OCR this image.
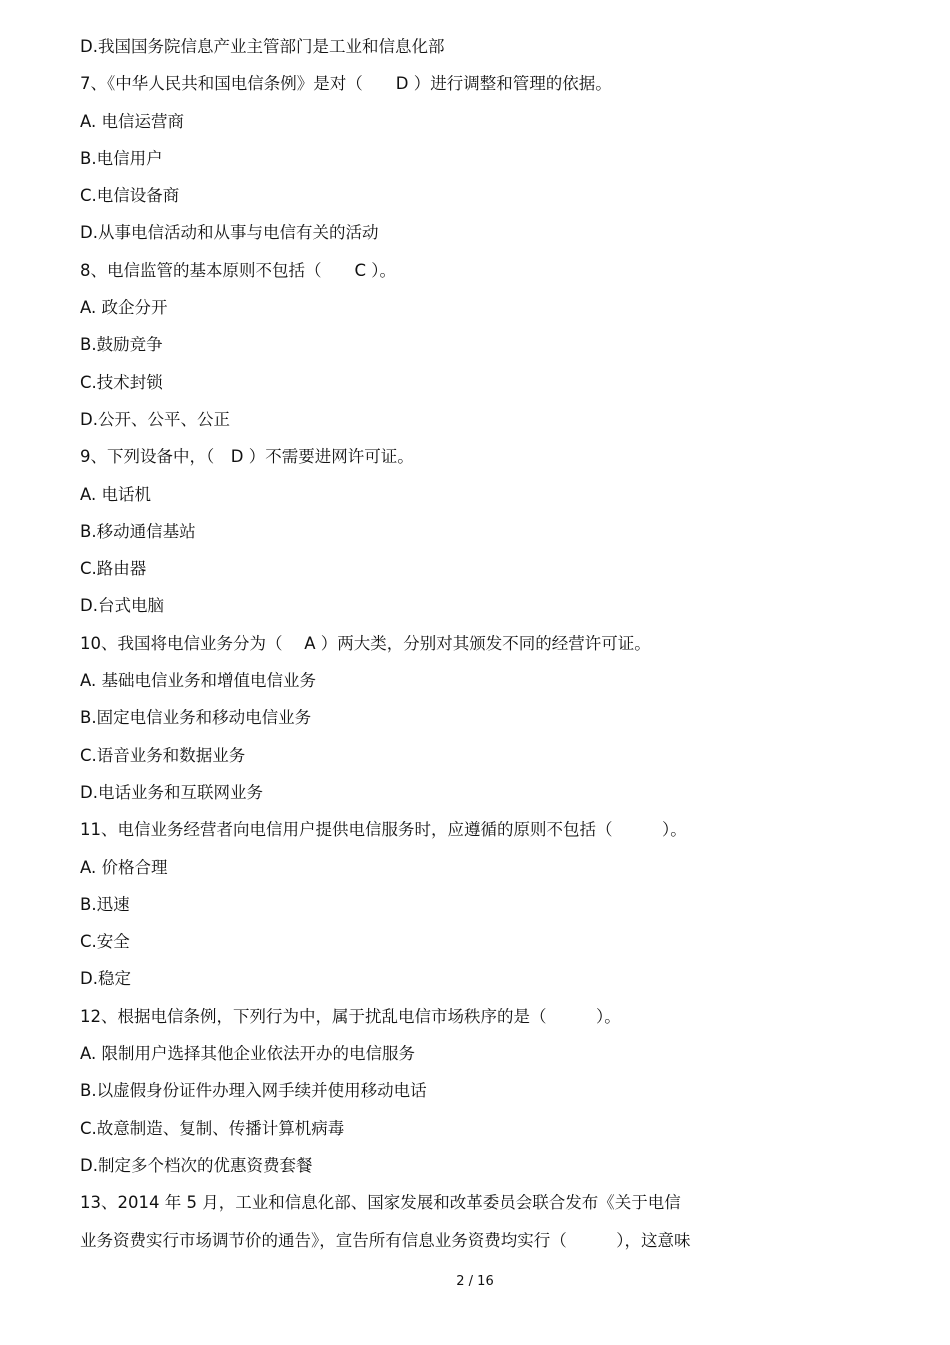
D.我国国务院信息产业主管部门是工业和信息化部
7、《中华人民共和国电信条例》是对（　　D ）进行调整和管理的依据。
A. 电信运营商
B.电信用户
C.电信设备商
D.从事电信活动和从事与电信有关的活动
8、电信监管的基本原则不包括（　　C ）。
A. 政企分开
B.鼓励竞争
C.技术封锁
D.公开、公平、公正
9、下列设备中，（　D ）不需要进网许可证。
A. 电话机
B.移动通信基站
C.路由器
D.台式电脑
10、我国将电信业务分为（　 A ）两大类，分别对其颁发不同的经营许可证。
A. 基础电信业务和增值电信业务
B.固定电信业务和移动电信业务
C.语音业务和数据业务
D.电话业务和互联网业务
11、电信业务经营者向电信用户提供电信服务时，应遵循的原则不包括（　　　）。
A. 价格合理
B.迅速
C.安全
D.稳定
12、根据电信条例，下列行为中，属于扰乱电信市场秩序的是（　　　）。
A. 限制用户选择其他企业依法开办的电信服务
B.以虚假身份证件办理入网手续并使用移动电话
C.故意制造、复制、传播计算机病毒
D.制定多个档次的优惠资费套餐
13、2014 年 5 月，工业和信息化部、国家发展和改革委员会联合发布《关于电信
业务资费实行市场调节价的通告》，宣告所有信息业务资费均实行（　　　），这意味
2 / 16
